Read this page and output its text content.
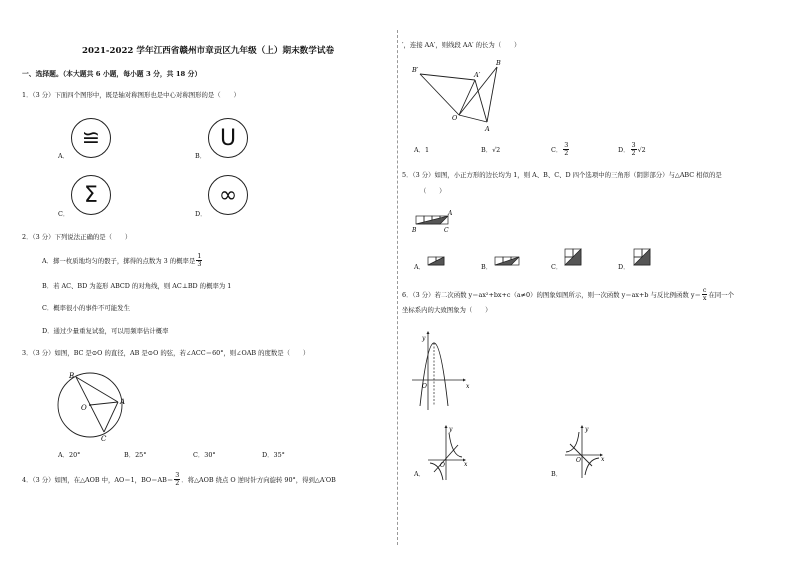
2021-2022 学年江西省赣州市章贡区九年级（上）期末数学试卷
一、选择题。（本大题共 6 小题，每小题 3 分，共 18 分）
1．（3 分）下面四个图形中，既是轴对称图形也是中心对称图形的是（　　）
≌
A．
U
B．
Σ
C．
∞
D．
2．（3 分）下列说法正确的是（　　）
A．掷一枚质地均匀的骰子，掷得的点数为 3 的概率是 $\frac{1}{3}$
B．若 AC、BD 为菱形 ABCD 的对角线，则 AC⊥BD 的概率为 1
C．概率很小的事件不可能发生
D．通过少量重复试验，可以用频率估计概率
3．（3 分）如图，BC 是⊙O 的直径，AB 是⊙O 的弦，若∠ACC＝60°，则∠OAB 的度数是（　　）
B
A
O
C
A．20°	B．25°	C．30°	D．35°
4．（3 分）如图，在△AOB 中，AO＝1，$BO=AB= \frac{3}{2}$ ．将△AOB 绕点 O 逆时针方向旋转 90°，得到△A′OB
′，连接 AA′，则线段 AA′ 的长为（　　）
B′
A′
B
O
A
A．1	B．√2	C． $\frac{3}{2}$	D． $\frac{3}{2} √2$
5．（3 分）如图，小正方形的边长均为 1，则 A、B、C、D 四个选项中的三角形（阴影部分）与△ABC 相似的是
（　　）
A
B	C
A．	B．	C．	D．
6．（3 分）若二次函数 y＝ax²+bx+c（a≠0）的图象如图所示，则一次函数 y＝ax+b 与反比例函数 $y= \frac{c}{x}$ 在同一个
坐标系内的大致图象为（　　）
y
x
O
y
x
O
A．
y
x
O
B．
